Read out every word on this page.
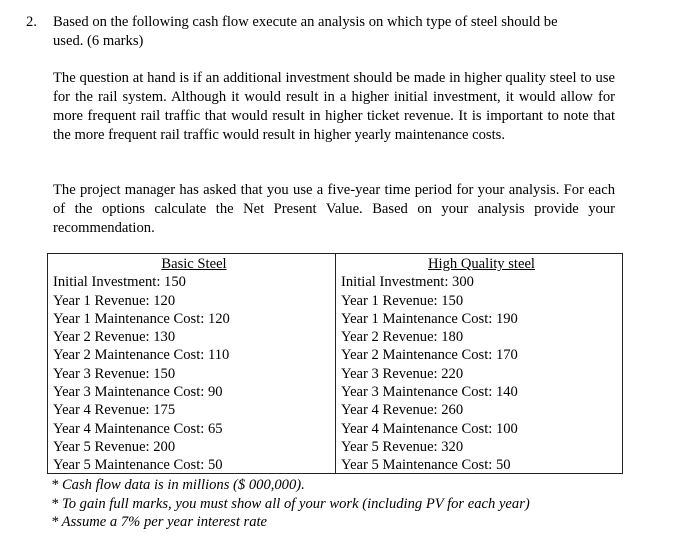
2.	Based on the following cash flow execute an analysis on which type of steel should be
used. (6 marks)
The question at hand is if an additional investment should be made in higher quality steel to use for the rail system. Although it would result in a higher initial investment, it would allow for more frequent rail traffic that would result in higher ticket revenue. It is important to note that the more frequent rail traffic would result in higher yearly maintenance costs.
The project manager has asked that you use a five-year time period for your analysis. For each of the options calculate the Net Present Value. Based on your analysis provide your recommendation.
Basic Steel
Initial Investment: 150
Year 1 Revenue: 120
Year 1 Maintenance Cost: 120
Year 2 Revenue: 130
Year 2 Maintenance Cost: 110
Year 3 Revenue: 150
Year 3 Maintenance Cost: 90
Year 4 Revenue: 175
Year 4 Maintenance Cost: 65
Year 5 Revenue: 200
Year 5 Maintenance Cost: 50
High Quality steel
Initial Investment: 300
Year 1 Revenue: 150
Year 1 Maintenance Cost: 190
Year 2 Revenue: 180
Year 2 Maintenance Cost: 170
Year 3 Revenue: 220
Year 3 Maintenance Cost: 140
Year 4 Revenue: 260
Year 4 Maintenance Cost: 100
Year 5 Revenue: 320
Year 5 Maintenance Cost: 50
* Cash flow data is in millions ($ 000,000).
* To gain full marks, you must show all of your work (including PV for each year)
* Assume a 7% per year interest rate
